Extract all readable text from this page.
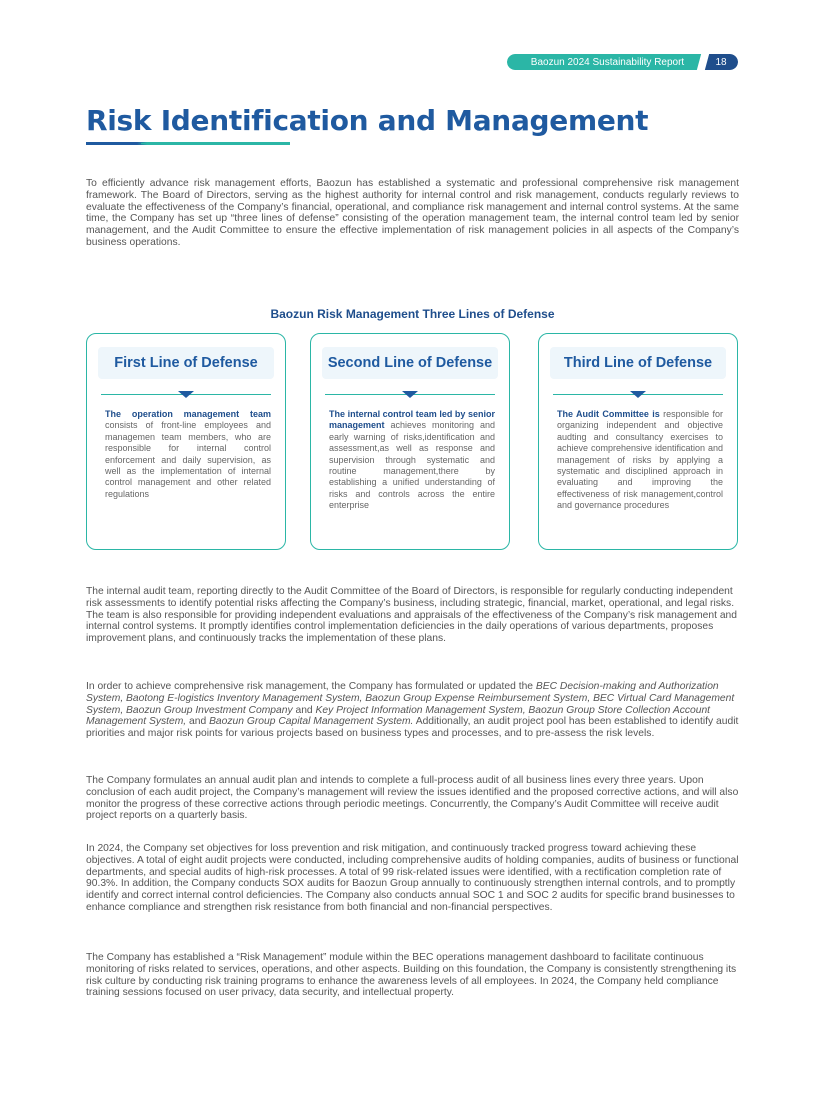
Baozun 2024 Sustainability Report	18
Risk Identification and Management

To efficiently advance risk management efforts, Baozun has established a systematic and professional comprehensive risk management framework. The Board of Directors, serving as the highest authority for internal control and risk management, conducts regularly reviews to evaluate the effectiveness of the Company’s financial, operational, and compliance risk management and internal control systems. At the same time, the Company has set up “three lines of defense” consisting of the operation management team, the internal control team led by senior management, and the Audit Committee to ensure the effective implementation of risk management policies in all aspects of the Company’s business operations.

Baozun Risk Management Three Lines of Defense
First Line of Defense
The operation management team consists of front-line employees and managemen team members, who are responsible for internal control enforcement and daily supervision, as well as the implementation of internal control management and other related regulations
Second Line of Defense
The internal control team led by senior management achieves monitoring and early warning of risks,identification and assessment,as well as response and supervision through systematic and routine management,there by establishing a unified understanding of risks and controls across the entire enterprise
Third Line of Defense
The Audit Committee is responsible for organizing independent and objective audting and consultancy exercises to achieve comprehensive identification and management of risks by applying a systematic and disciplined approach in evaluating and improving the effectiveness of risk management,control and governance procedures

The internal audit team, reporting directly to the Audit Committee of the Board of Directors, is responsible for regularly conducting independent risk assessments to identify potential risks affecting the Company’s business, including strategic, financial, market, operational, and legal risks. The team is also responsible for providing independent evaluations and appraisals of the effectiveness of the Company’s risk management and internal control systems. It promptly identifies control implementation deficiencies in the daily operations of various departments, proposes improvement plans, and continuously tracks the implementation of these plans.

In order to achieve comprehensive risk management, the Company has formulated or updated the BEC Decision-making and Authorization System, Baotong E-logistics Inventory Management System, Baozun Group Expense Reimbursement System, BEC Virtual Card Management System, Baozun Group Investment Company and Key Project Information Management System, Baozun Group Store Collection Account Management System, and Baozun Group Capital Management System. Additionally, an audit project pool has been established to identify audit priorities and major risk points for various projects based on business types and processes, and to pre-assess the risk levels.

The Company formulates an annual audit plan and intends to complete a full-process audit of all business lines every three years. Upon conclusion of each audit project, the Company’s management will review the issues identified and the proposed corrective actions, and will also monitor the progress of these corrective actions through periodic meetings. Concurrently, the Company’s Audit Committee will receive audit project reports on a quarterly basis.

In 2024, the Company set objectives for loss prevention and risk mitigation, and continuously tracked progress toward achieving these objectives. A total of eight audit projects were conducted, including comprehensive audits of holding companies, audits of business or functional departments, and special audits of high-risk processes. A total of 99 risk-related issues were identified, with a rectification completion rate of 90.3%. In addition, the Company conducts SOX audits for Baozun Group annually to continuously strengthen internal controls, and to promptly identify and correct internal control deficiencies. The Company also conducts annual SOC 1 and SOC 2 audits for specific brand businesses to enhance compliance and strengthen risk resistance from both financial and non-financial perspectives.

The Company has established a “Risk Management” module within the BEC operations management dashboard to facilitate continuous monitoring of risks related to services, operations, and other aspects. Building on this foundation, the Company is consistently strengthening its risk culture by conducting risk training programs to enhance the awareness levels of all employees. In 2024, the Company held compliance training sessions focused on user privacy, data security, and intellectual property.
